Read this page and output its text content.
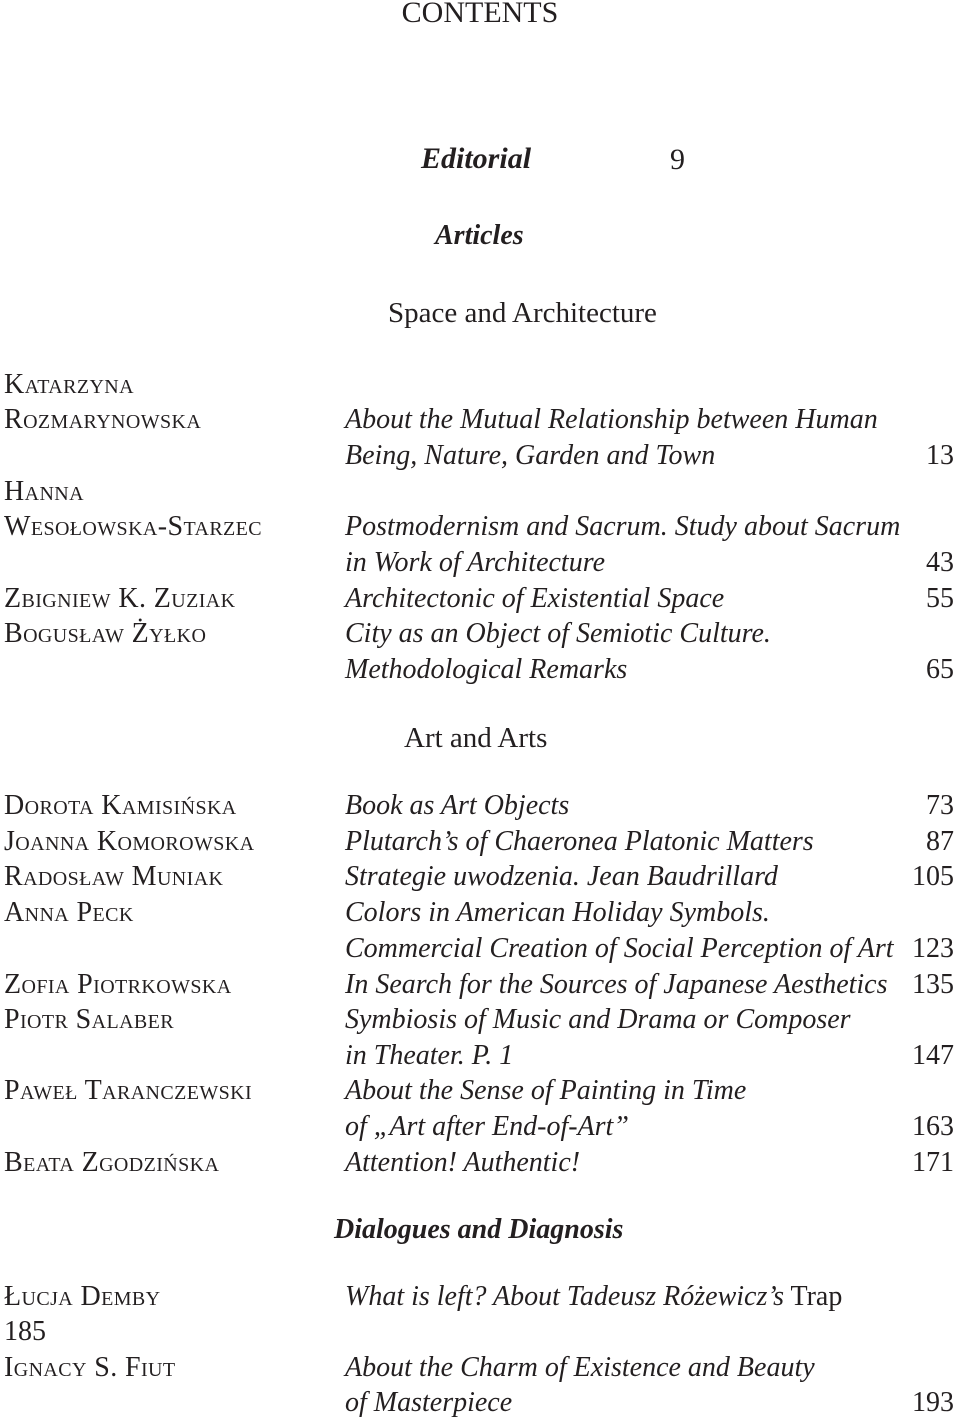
CONTENTS
Editorial	9
Articles
Space and Architecture
Katarzyna
Rozmarynowska	About the Mutual Relationship between Human
Being, Nature, Garden and Town	13
Hanna
Wesołowska-Starzec	Postmodernism and Sacrum. Study about Sacrum
in Work of Architecture	43
Zbigniew K. Zuziak	Architectonic of Existential Space	55
Bogusław Żyłko	City as an Object of Semiotic Culture.
Methodological Remarks	65
Art and Arts
Dorota Kamisińska	Book as Art Objects	73
Joanna Komorowska	Plutarch’s of Chaeronea Platonic Matters	87
Radosław Muniak	Strategie uwodzenia. Jean Baudrillard	105
Anna Peck	Colors in American Holiday Symbols.
Commercial Creation of Social Perception of Art 123
Zofia Piotrkowska	In Search for the Sources of Japanese Aesthetics 135
Piotr Salaber	Symbiosis of Music and Drama or Composer
in Theater. P. 1	147
Paweł Taranczewski	About the Sense of Painting in Time
of „Art after End-of-Art”	163
Beata Zgodzińska	Attention! Authentic!	171
Dialogues and Diagnosis
Łucja Demby	What is left? About Tadeusz Różewicz’s Trap
185
Ignacy S. Fiut	About the Charm of Existence and Beauty
of Masterpiece	193
